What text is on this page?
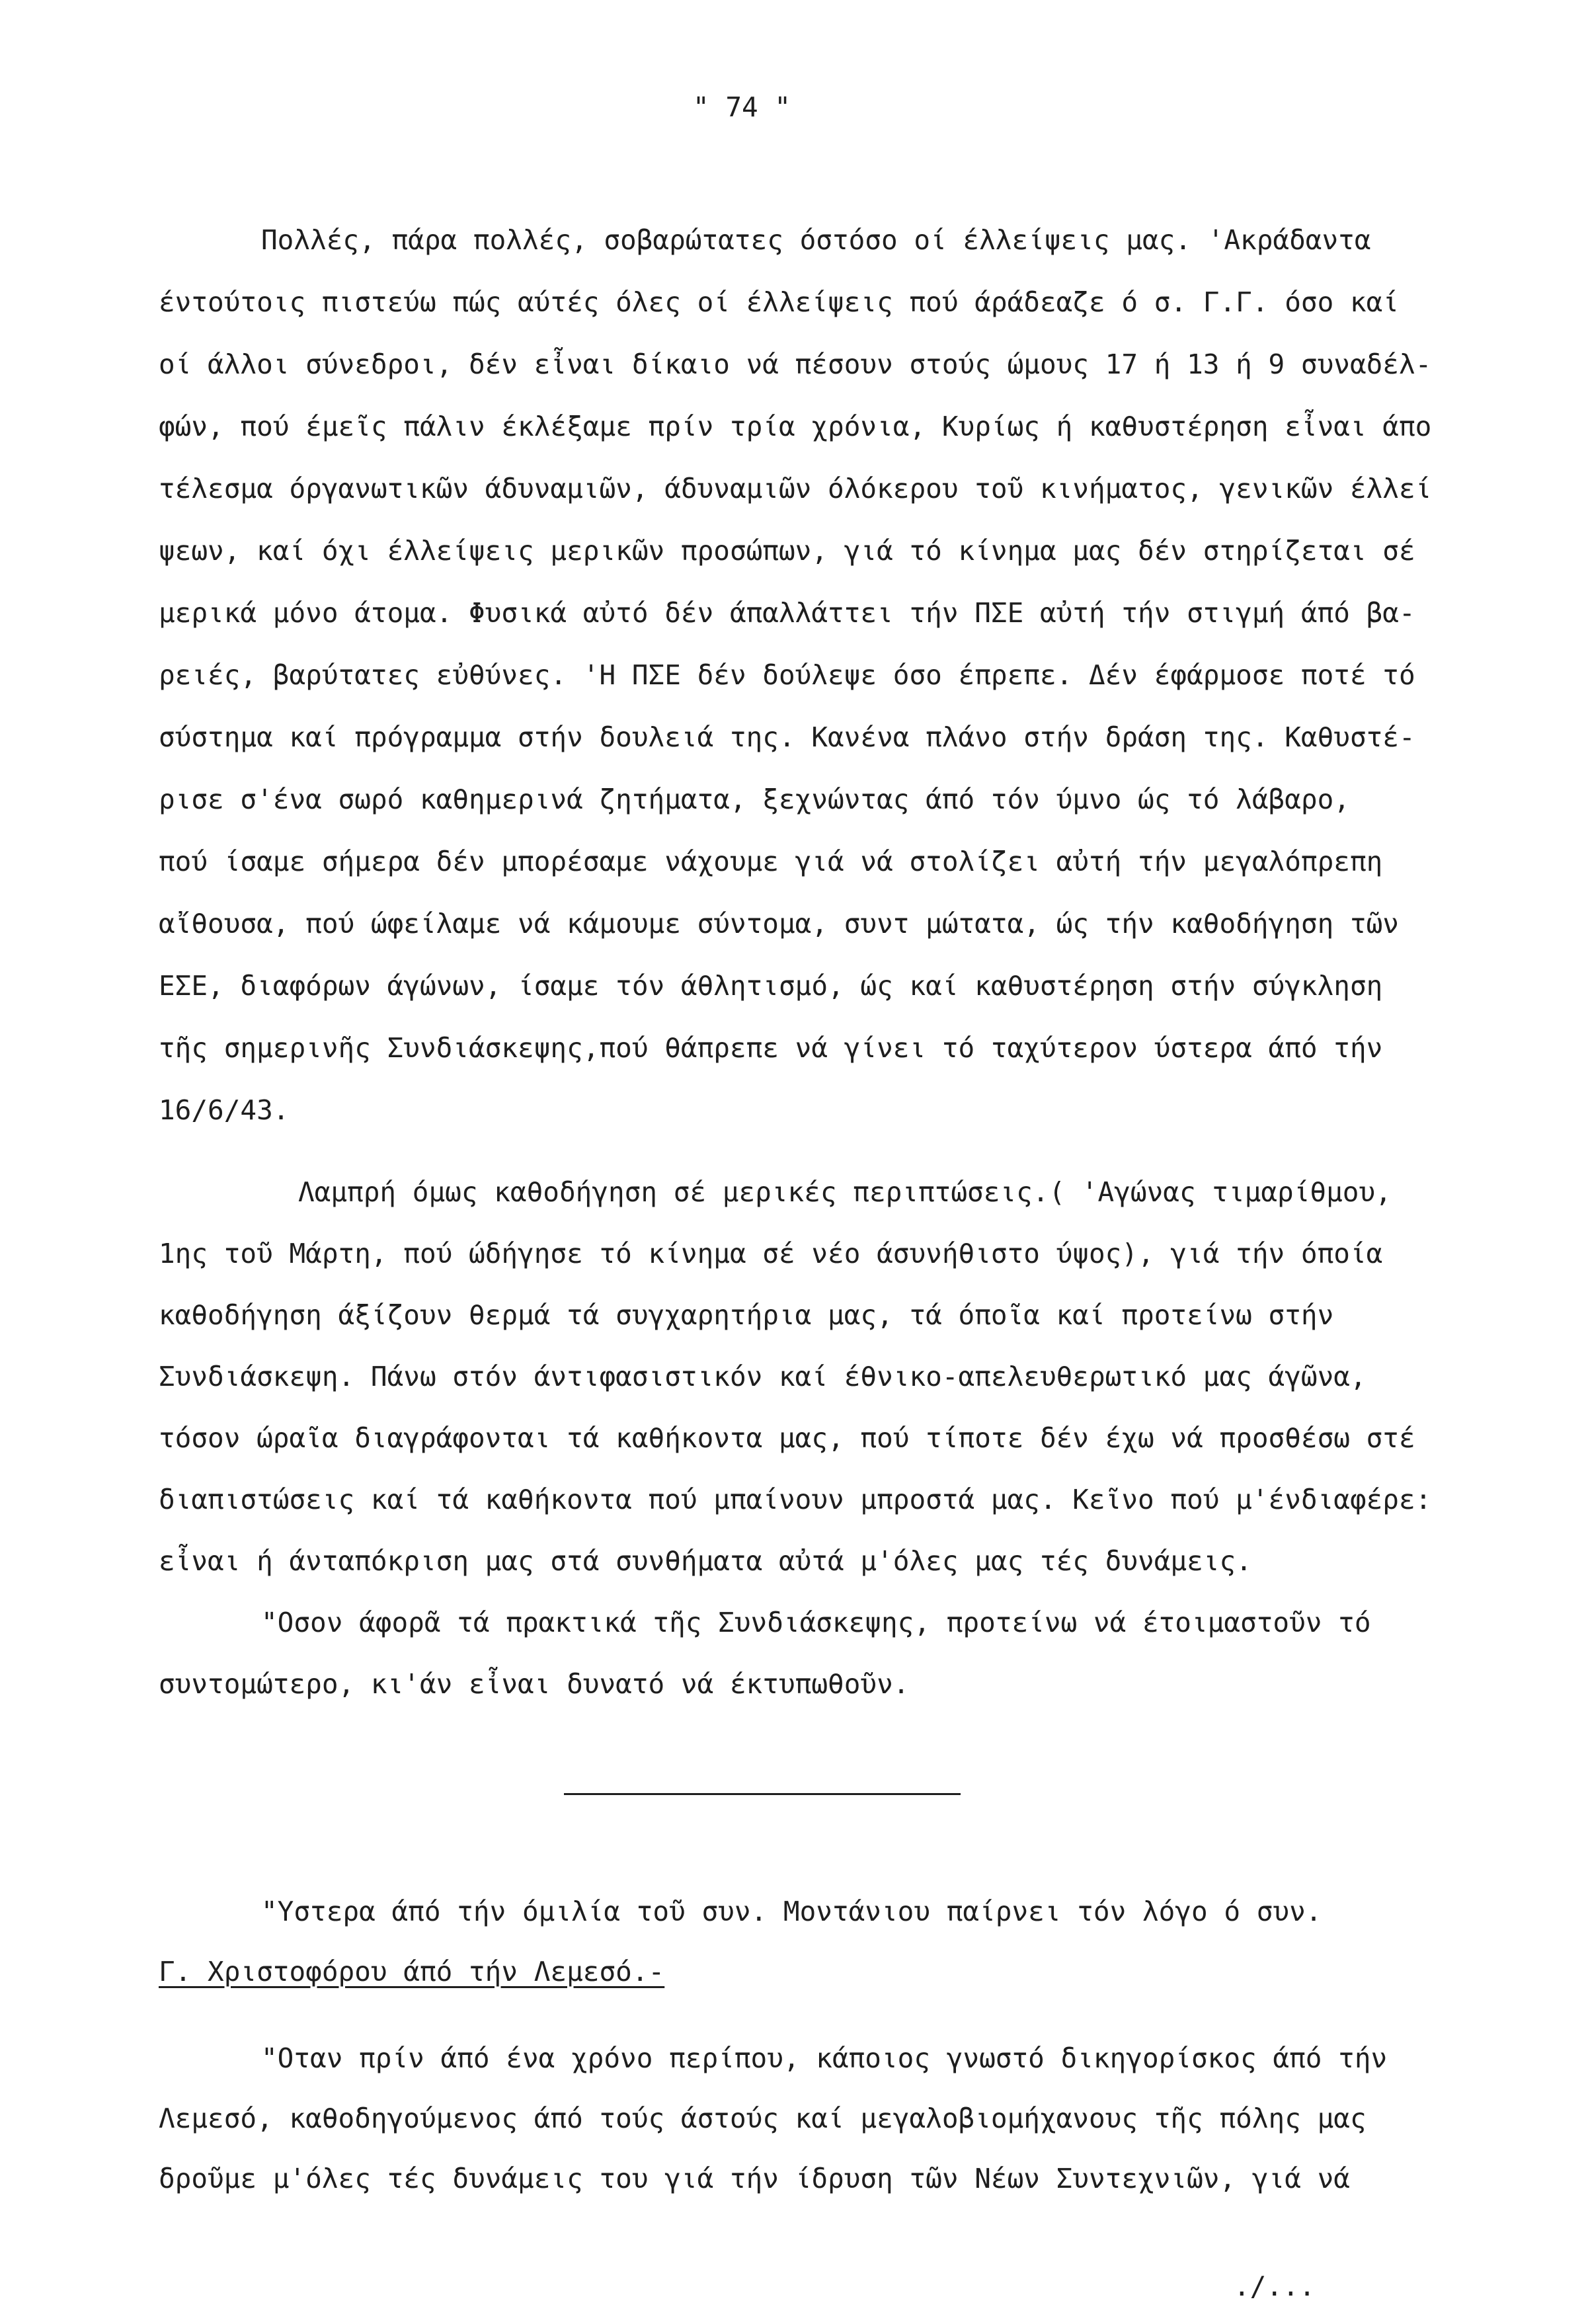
" 74 "
Πολλές, πάρα πολλές, σοβαρώτατες όστόσο οί έλλείψεις μας. 'Ακράδαντα
έντούτοις πιστεύω πώς αύτές όλες οί έλλείψεις πού άράδεαζε ό σ. Γ.Γ. όσο καί
οί άλλοι σύνεδροι, δέν εἶναι δίκαιο νά πέσουν στούς ώμους 17 ή 13 ή 9 συναδέλ-
φών, πού έμεῖς πάλιν έκλέξαμε πρίν τρία χρόνια, Κυρίως ή καθυστέρηση εἶναι άπο
τέλεσμα όργανωτικῶν άδυναμιῶν, άδυναμιῶν όλόκερου τοῦ κινήματος, γενικῶν έλλεί
ψεων, καί όχι έλλείψεις μερικῶν προσώπων, γιά τό κίνημα μας δέν στηρίζεται σέ
μερικά μόνο άτομα. Φυσικά αὐτό δέν άπαλλάττει τήν ΠΣΕ αὐτή τήν στιγμή άπό βα-
ρειές, βαρύτατες εὐθύνες. 'Η ΠΣΕ δέν δούλεψε όσο έπρεπε. Δέν έφάρμοσε ποτέ τό
σύστημα καί πρόγραμμα στήν δουλειά της. Κανένα πλάνο στήν δράση της. Καθυστέ-
ρισε σ'ένα σωρό καθημερινά ζητήματα, ξεχνώντας άπό τόν ύμνο ώς τό λάβαρο,
πού ίσαμε σήμερα δέν μπορέσαμε νάχουμε γιά νά στολίζει αὐτή τήν μεγαλόπρεπη
αἴθουσα, πού ώφείλαμε νά κάμουμε σύντομα, συντ μώτατα, ώς τήν καθοδήγηση τῶν
ΕΣΕ, διαφόρων άγώνων, ίσαμε τόν άθλητισμό, ώς καί καθυστέρηση στήν σύγκληση
τῆς σημερινῆς Συνδιάσκεψης,πού θάπρεπε νά γίνει τό ταχύτερον ύστερα άπό τήν
16/6/43.
Λαμπρή όμως καθοδήγηση σέ μερικές περιπτώσεις.( 'Αγώνας τιμαρίθμου,
1ης τοῦ Μάρτη, πού ώδήγησε τό κίνημα σέ νέο άσυνήθιστο ύψος), γιά τήν όποία
καθοδήγηση άξίζουν θερμά τά συγχαρητήρια μας, τά όποῖα καί προτείνω στήν
Συνδιάσκεψη. Πάνω στόν άντιφασιστικόν καί έθνικο-απελευθερωτικό μας άγῶνα,
τόσον ώραῖα διαγράφονται τά καθήκοντα μας, πού τίποτε δέν έχω νά προσθέσω στέ
διαπιστώσεις καί τά καθήκοντα πού μπαίνουν μπροστά μας. Κεῖνο πού μ'ένδιαφέρε:
εἶναι ή άνταπόκριση μας στά συνθήματα αὐτά μ'όλες μας τές δυνάμεις.
"Οσον άφορᾶ τά πρακτικά τῆς Συνδιάσκεψης, προτείνω νά έτοιμαστοῦν τό
συντομώτερο, κι'άν εἶναι δυνατό νά έκτυπωθοῦν.
"Υστερα άπό τήν όμιλία τοῦ συν. Μοντάνιου παίρνει τόν λόγο ό συν.
Γ. Χριστοφόρου άπό τήν Λεμεσό.-
"Οταν πρίν άπό ένα χρόνο περίπου, κάποιος γνωστό δικηγορίσκος άπό τήν
Λεμεσό, καθοδηγούμενος άπό τούς άστούς καί μεγαλοβιομήχανους τῆς πόλης μας
δροῦμε μ'όλες τές δυνάμεις του γιά τήν ίδρυση τῶν Νέων Συντεχνιῶν, γιά νά
./...
